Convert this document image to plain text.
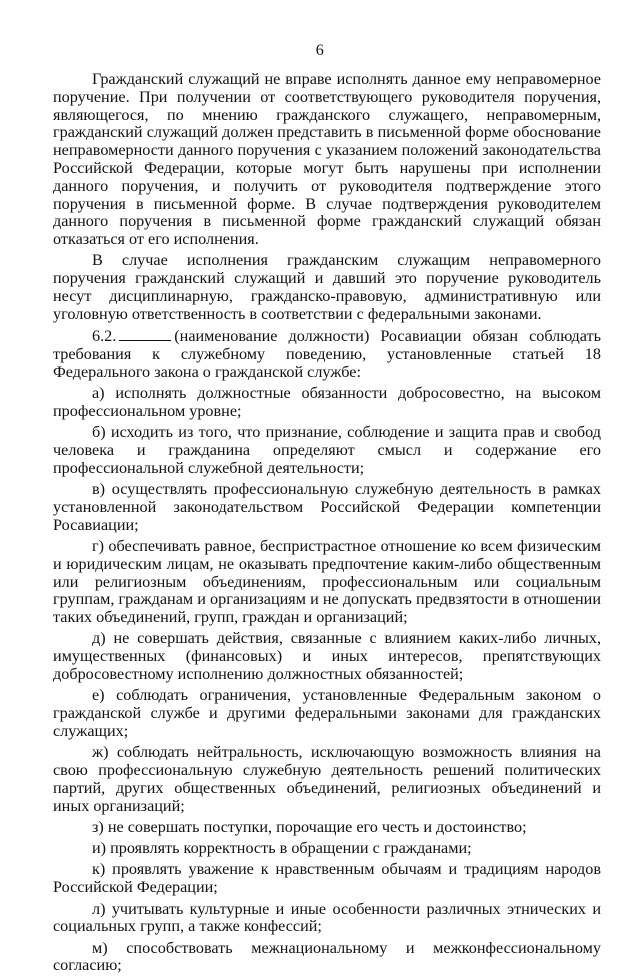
6

Гражданский служащий не вправе исполнять данное ему неправомерное поручение. При получении от соответствующего руководителя поручения, являющегося, по мнению гражданского служащего, неправомерным, гражданский служащий должен представить в письменной форме обоснование неправомерности данного поручения с указанием положений законодательства Российской Федерации, которые могут быть нарушены при исполнении данного поручения, и получить от руководителя подтверждение этого поручения в письменной форме. В случае подтверждения руководителем данного поручения в письменной форме гражданский служащий обязан отказаться от его исполнения.

В случае исполнения гражданским служащим неправомерного поручения гражданский служащий и давший это поручение руководитель несут дисциплинарную, гражданско-правовую, административную или уголовную ответственность в соответствии с федеральными законами.

6.2.	(наименование должности) Росавиации обязан соблюдать требования к служебному поведению, установленные статьей 18 Федерального закона о гражданской службе:

а) исполнять должностные обязанности добросовестно, на высоком профессиональном уровне;

б) исходить из того, что признание, соблюдение и защита прав и свобод человека и гражданина определяют смысл и содержание его профессиональной служебной деятельности;

в) осуществлять профессиональную служебную деятельность в рамках установленной законодательством Российской Федерации компетенции Росавиации;

г) обеспечивать равное, беспристрастное отношение ко всем физическим и юридическим лицам, не оказывать предпочтение каким-либо общественным или религиозным объединениям, профессиональным или социальным группам, гражданам и организациям и не допускать предвзятости в отношении таких объединений, групп, граждан и организаций;

д) не совершать действия, связанные с влиянием каких-либо личных, имущественных (финансовых) и иных интересов, препятствующих добросовестному исполнению должностных обязанностей;

е) соблюдать ограничения, установленные Федеральным законом о гражданской службе и другими федеральными законами для гражданских служащих;

ж) соблюдать нейтральность, исключающую возможность влияния на свою профессиональную служебную деятельность решений политических партий, других общественных объединений, религиозных объединений и иных организаций;

з) не совершать поступки, порочащие его честь и достоинство;

и) проявлять корректность в обращении с гражданами;

к) проявлять уважение к нравственным обычаям и традициям народов Российской Федерации;

л) учитывать культурные и иные особенности различных этнических и социальных групп, а также конфессий;

м) способствовать межнациональному и межконфессиональному согласию;
